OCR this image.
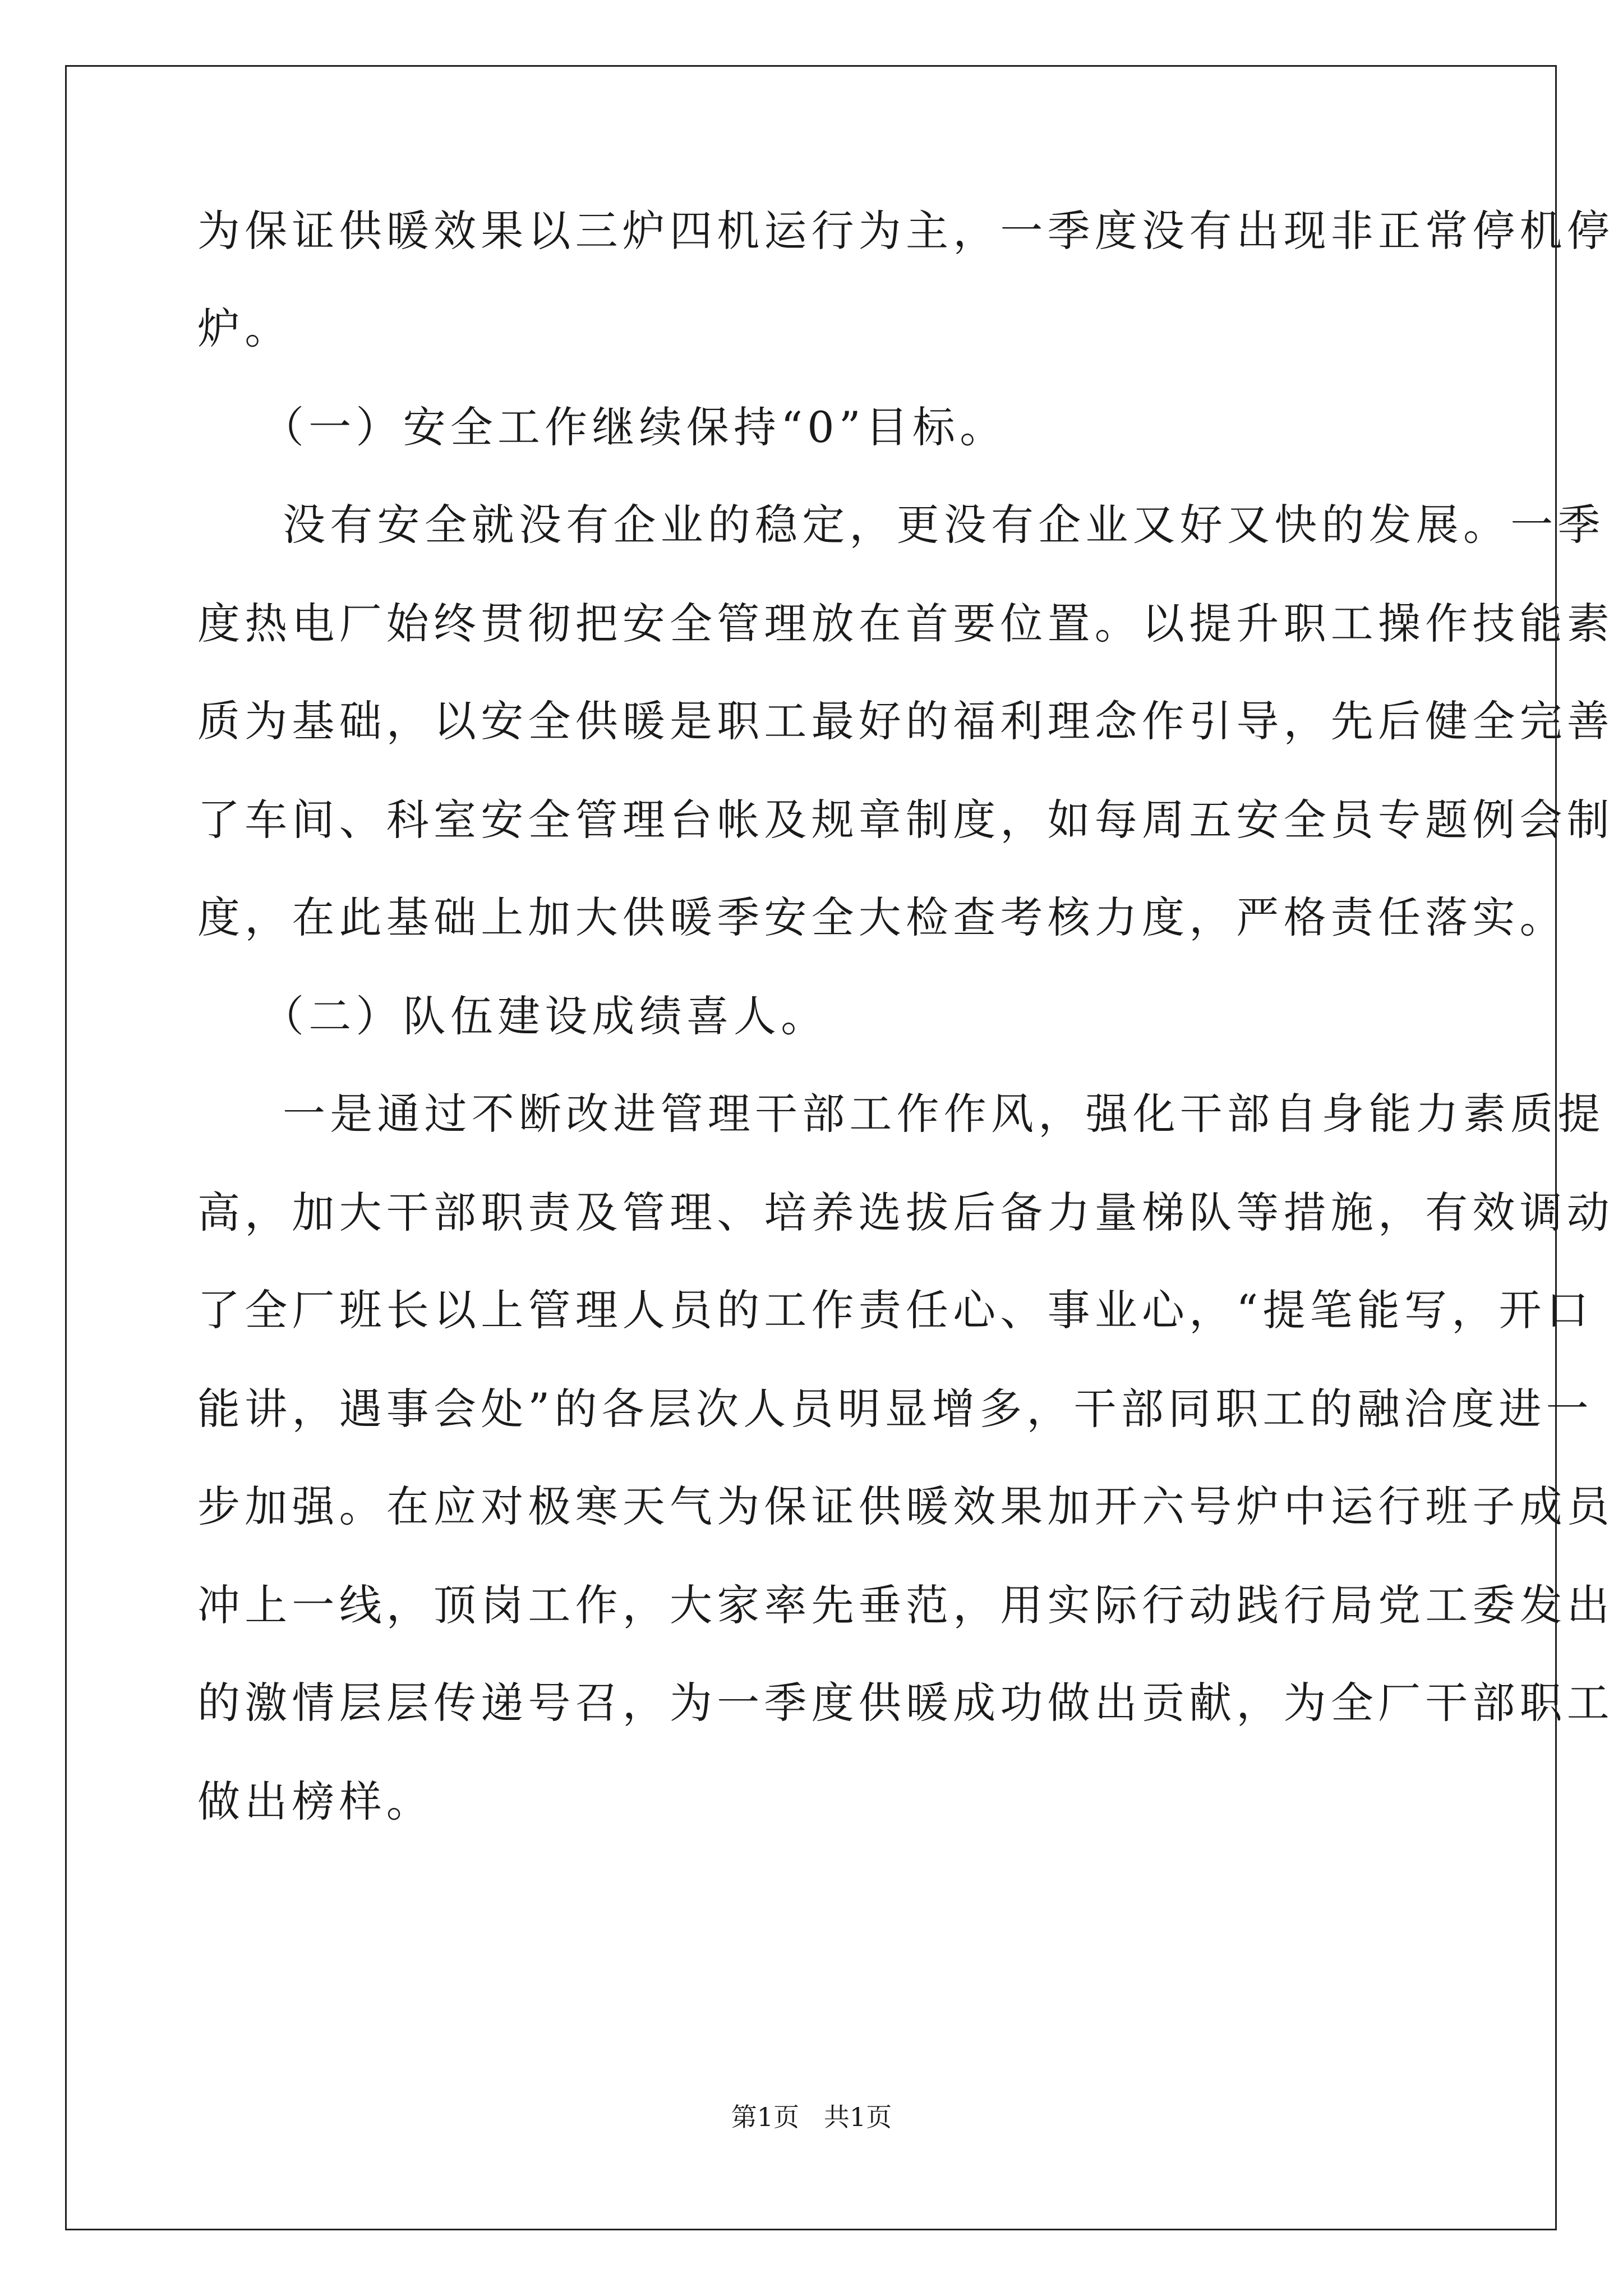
为保证供暖效果以三炉四机运行为主，一季度没有出现非正常停机停
炉。
（一）安全工作继续保持“0”目标。
没有安全就没有企业的稳定，更没有企业又好又快的发展。一季
度热电厂始终贯彻把安全管理放在首要位置。以提升职工操作技能素
质为基础，以安全供暖是职工最好的福利理念作引导，先后健全完善
了车间、科室安全管理台帐及规章制度，如每周五安全员专题例会制
度，在此基础上加大供暖季安全大检查考核力度，严格责任落实。
（二）队伍建设成绩喜人。
一是通过不断改进管理干部工作作风，强化干部自身能力素质提
高，加大干部职责及管理、培养选拔后备力量梯队等措施，有效调动
了全厂班长以上管理人员的工作责任心、事业心，“提笔能写，开口
能讲，遇事会处”的各层次人员明显增多，干部同职工的融洽度进一
步加强。在应对极寒天气为保证供暖效果加开六号炉中运行班子成员
冲上一线，顶岗工作，大家率先垂范，用实际行动践行局党工委发出
的激情层层传递号召，为一季度供暖成功做出贡献，为全厂干部职工
做出榜样。
第1页   共1页
